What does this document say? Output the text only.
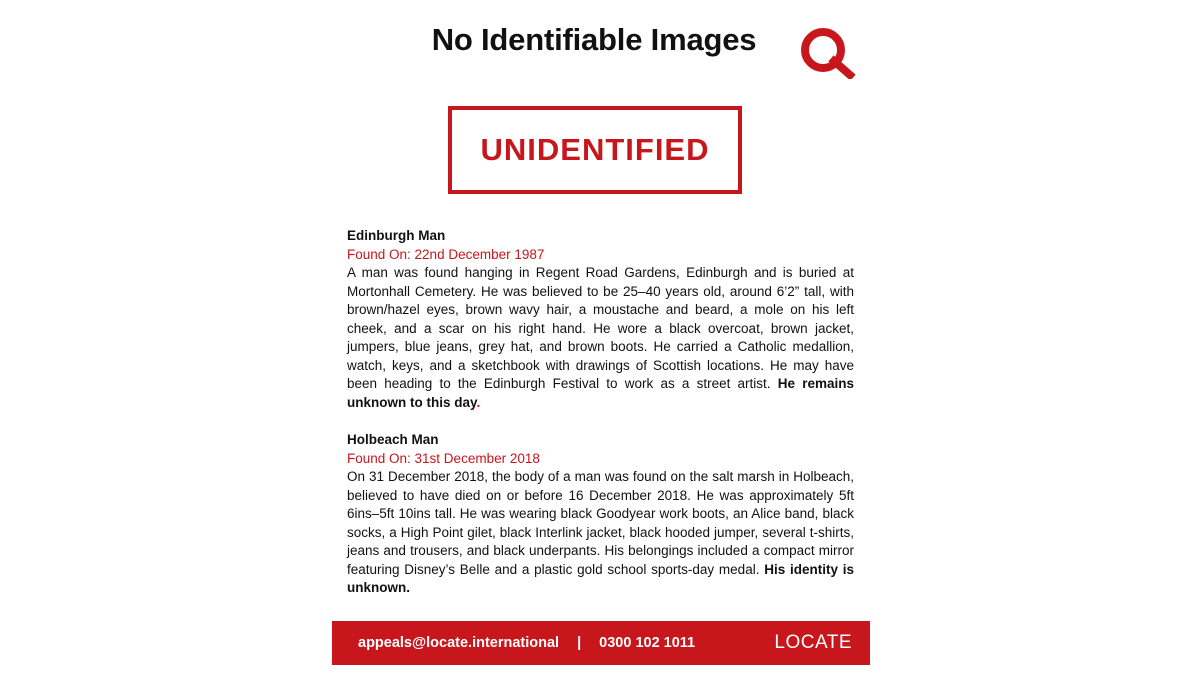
No Identifiable Images
UNIDENTIFIED
Edinburgh Man
Found On: 22nd December 1987

A man was found hanging in Regent Road Gardens, Edinburgh and is buried at Mortonhall Cemetery. He was believed to be 25–40 years old, around 6’2” tall, with brown/hazel eyes, brown wavy hair, a moustache and beard, a mole on his left cheek, and a scar on his right hand. He wore a black overcoat, brown jacket, jumpers, blue jeans, grey hat, and brown boots. He carried a Catholic medallion, watch, keys, and a sketchbook with drawings of Scottish locations. He may have been heading to the Edinburgh Festival to work as a street artist. He remains unknown to this day.

Holbeach Man
Found On: 31st December 2018

On 31 December 2018, the body of a man was found on the salt marsh in Holbeach, believed to have died on or before 16 December 2018. He was approximately 5ft 6ins–5ft 10ins tall. He was wearing black Goodyear work boots, an Alice band, black socks, a High Point gilet, black Interlink jacket, black hooded jumper, several t-shirts, jeans and trousers, and black underpants. His belongings included a compact mirror featuring Disney’s Belle and a plastic gold school sports-day medal. His identity is unknown.

appeals@locate.international | 0300 102 1011	LOCATE
